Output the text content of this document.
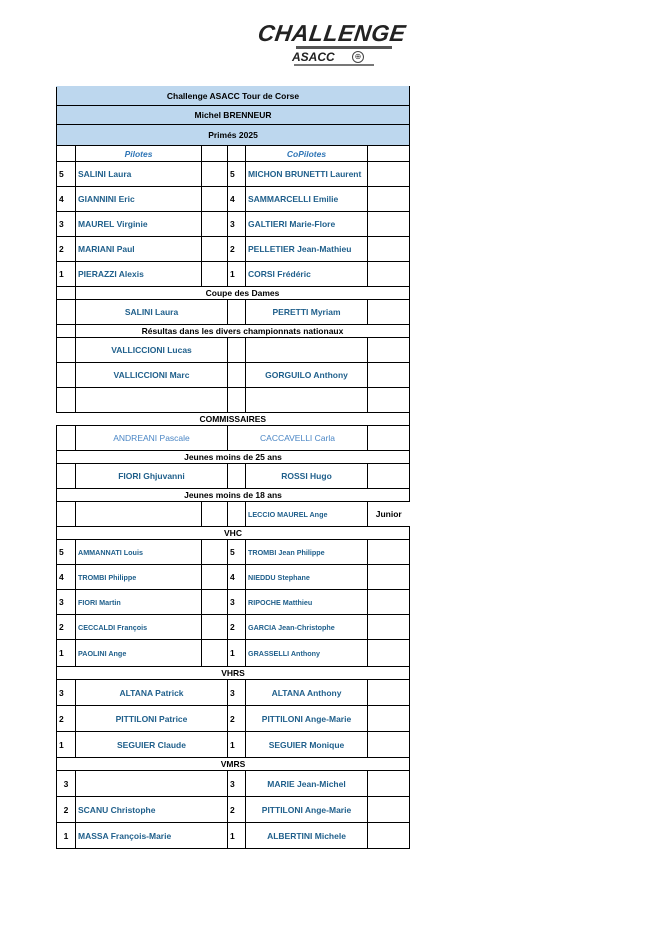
CHALLENGE
ASACC	⊕
Challenge ASACC Tour de Corse					
Michel BRENNEUR					
Primés 2025					
	Pilotes			CoPilotes	
5	SALINI Laura		5	MICHON BRUNETTI Laurent	
4	GIANNINI Eric		4	SAMMARCELLI Emilie	
3	MAUREL Virginie		3	GALTIERI Marie-Flore	
2	MARIANI Paul		2	PELLETIER Jean-Mathieu	
1	PIERAZZI Alexis		1	CORSI Frédéric	
	Coupe des Dames				
	SALINI Laura			PERETTI Myriam	
	Résultas dans les divers championnats nationaux				
	VALLICCIONI Lucas				
	VALLICCIONI Marc			GORGUILO Anthony	

COMMISSAIRES					
	ANDREANI Pascale		CACCAVELLI Carla		
Jeunes moins de 25 ans					
	FIORI Ghjuvanni			ROSSI Hugo	
Jeunes moins de 18 ans					
				LECCIO MAUREL Ange	Junior
VHC					
5	AMMANNATI Louis		5	TROMBI Jean Philippe	
4	TROMBI Philippe		4	NIEDDU Stephane	
3	FIORI Martin		3	RIPOCHE Matthieu	
2	CECCALDI François		2	GARCIA Jean-Christophe	
1	PAOLINI Ange		1	GRASSELLI Anthony	
VHRS					
3	ALTANA Patrick		3	ALTANA Anthony	
2	PITTILONI Patrice		2	PITTILONI Ange-Marie	
1	SEGUIER Claude		1	SEGUIER Monique	
VMRS					
3			3	MARIE Jean-Michel	
2	SCANU Christophe		2	PITTILONI Ange-Marie	
1	MASSA François-Marie		1	ALBERTINI Michele	
